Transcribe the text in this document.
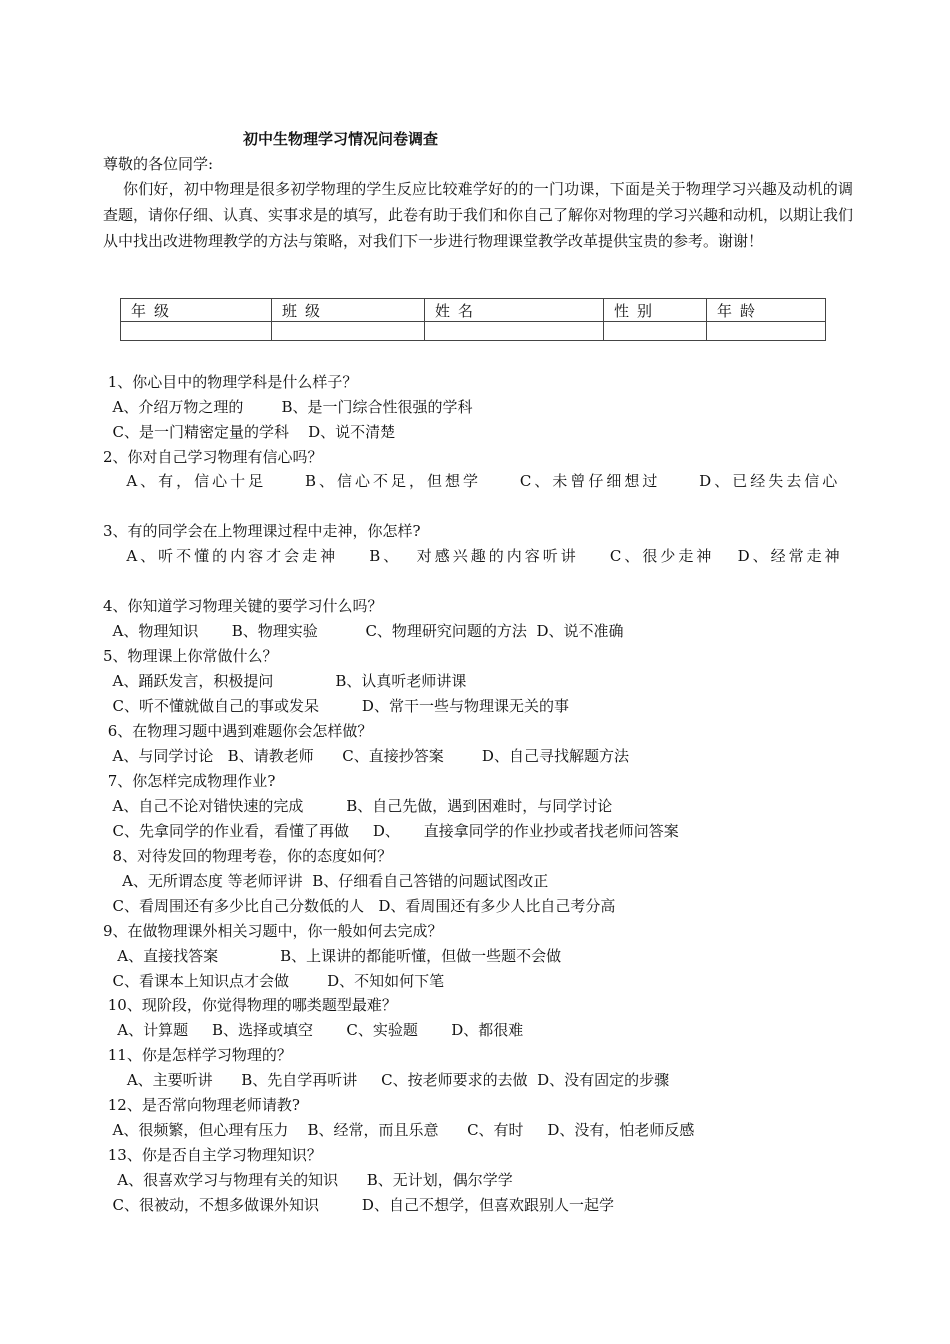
初中生物理学习情况问卷调查
尊敬的各位同学:
你们好，初中物理是很多初学物理的学生反应比较难学好的的一门功课，下面是关于物理学习兴趣及动机的调查题，请你仔细、认真、实事求是的填写，此卷有助于我们和你自己了解你对物理的学习兴趣和动机，以期让我们从中找出改进物理教学的方法与策略，对我们下一步进行物理课堂教学改革提供宝贵的参考。谢谢！
年级	班级	姓名	性别	年龄

1、你心目中的物理学科是什么样子？
A、介绍万物之理的        B、是一门综合性很强的学科
C、是一门精密定量的学科    D、说不清楚
2、你对自己学习物理有信心吗？
A、有，信心十足     B、信心不足，但想学     C、未曾仔细想过     D、已经失去信心
3、有的同学会在上物理课过程中走神，你怎样?
A、听不懂的内容才会走神    B、  对感兴趣的内容听讲    C、很少走神   D、经常走神
4、你知道学习物理关键的要学习什么吗？
A、物理知识       B、物理实验          C、物理研究问题的方法  D、说不准确
5、物理课上你常做什么？
A、踊跃发言，积极提问             B、认真听老师讲课
C、听不懂就做自己的事或发呆         D、常干一些与物理课无关的事
6、在物理习题中遇到难题你会怎样做？
A、与同学讨论   B、请教老师      C、直接抄答案        D、自己寻找解题方法
7、你怎样完成物理作业?
A、自己不论对错快速的完成         B、自己先做，遇到困难时，与同学讨论
C、先拿同学的作业看，看懂了再做     D、     直接拿同学的作业抄或者找老师问答案
8、对待发回的物理考卷，你的态度如何？
A、无所谓态度 等老师评讲  B、仔细看自己答错的问题试图改正
C、看周围还有多少比自己分数低的人   D、看周围还有多少人比自己考分高
9、在做物理课外相关习题中，你一般如何去完成？
A、直接找答案             B、上课讲的都能听懂，但做一些题不会做
C、看课本上知识点才会做        D、不知如何下笔
10、现阶段，你觉得物理的哪类题型最难？
A、计算题     B、选择或填空       C、实验题       D、都很难
11、你是怎样学习物理的？
A、主要听讲      B、先自学再听讲     C、按老师要求的去做  D、没有固定的步骤
12、是否常向物理老师请教?
A、很频繁，但心理有压力    B、经常，而且乐意      C、有时     D、没有，怕老师反感
13、你是否自主学习物理知识？
A、很喜欢学习与物理有关的知识      B、无计划，偶尔学学
C、很被动，不想多做课外知识         D、自己不想学，但喜欢跟别人一起学
